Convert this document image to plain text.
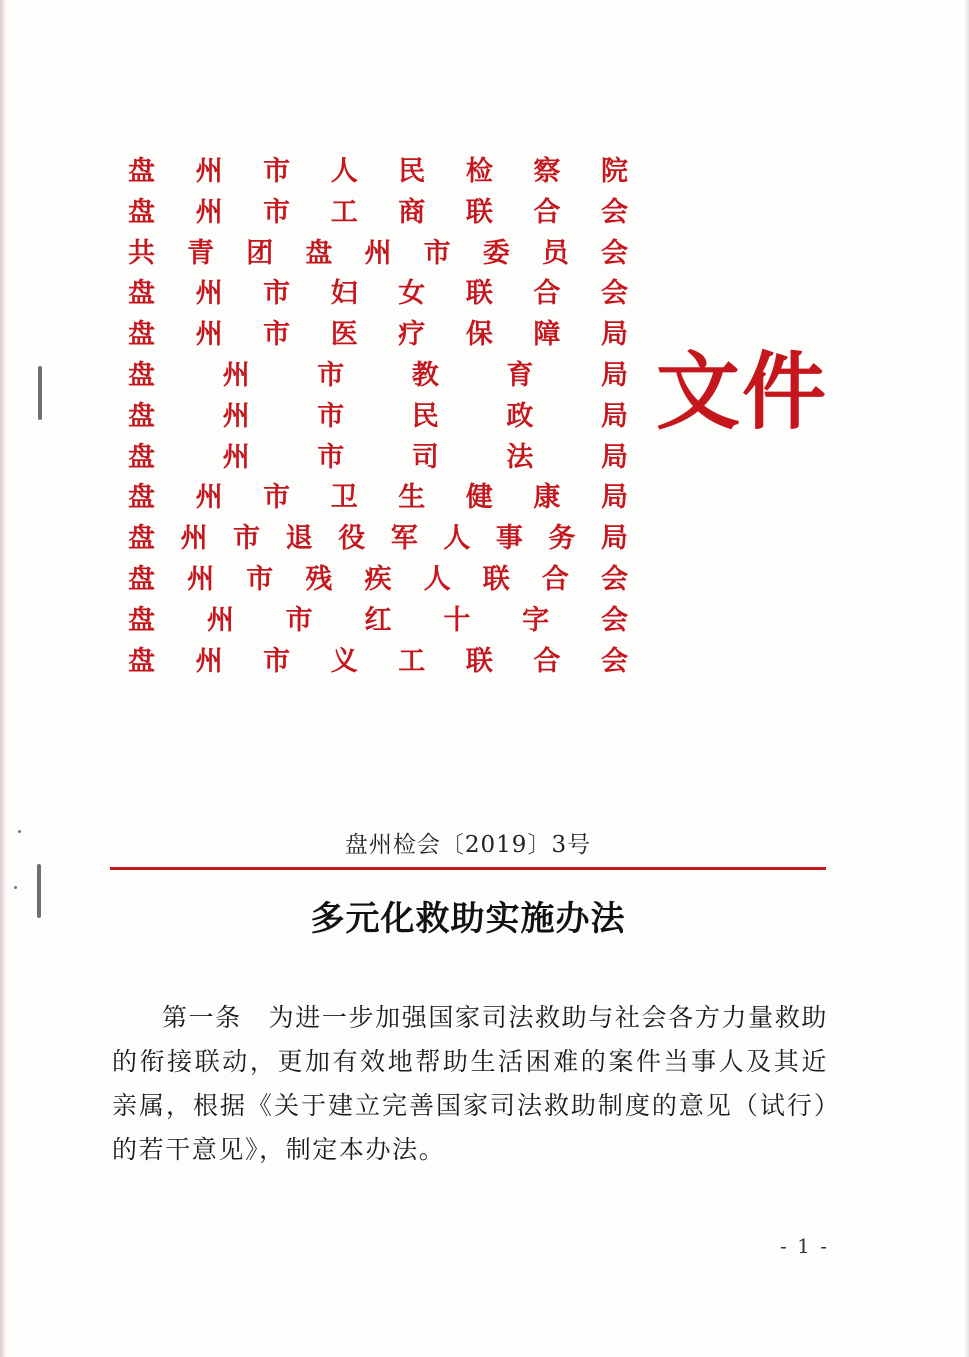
盘 州 市 人 民 检 察 院
盘 州 市 工 商 联 合 会
共 青 团 盘 州 市 委 员 会
盘 州 市 妇 女 联 合 会
盘 州 市 医 疗 保 障 局
盘	州	市	教	育	局
盘	州	市	民	政	局
盘	州	市	司	法	局
盘 州 市 卫 生 健 康 局
盘 州 市 退 役 军 人 事 务 局
盘 州 市 残 疾 人 联 合 会
盘 州 市 红 十 字 会
盘 州 市 义 工 联 合 会
文件
盘州检会〔2019〕3号
多元化救助实施办法

第一条　为进一步加强国家司法救助与社会各方力量救助的衔接联动，更加有效地帮助生活困难的案件当事人及其近亲属，根据《关于建立完善国家司法救助制度的意见（试行）的若干意见》，制定本办法。

- 1 -
